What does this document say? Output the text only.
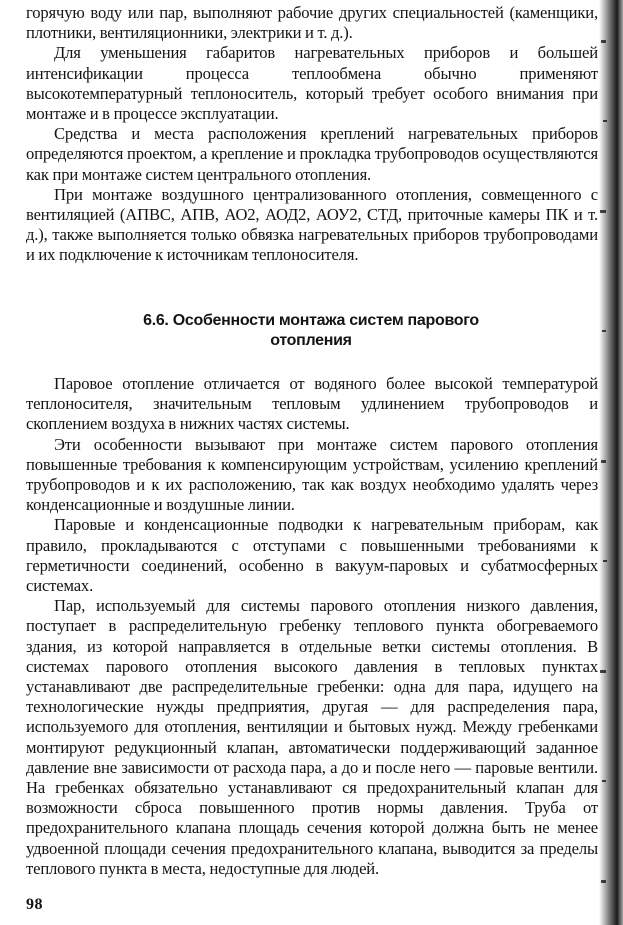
горячую воду или пар, выполняют рабочие других специальностей (каменщики, плотники, вентиляционники, электрики и т. д.).

Для уменьшения габаритов нагревательных приборов и большей интенсификации процесса теплообмена обычно применяют высокотемпературный теплоноситель, который требует особого внимания при монтаже и в процессе эксплуатации.

Средства и места расположения креплений нагревательных приборов определяются проектом, а крепление и прокладка трубопроводов осуществляются как при монтаже систем центрального отопления.

При монтаже воздушного централизованного отопления, совмещенного с вентиляцией (АПВС, АПВ, АО2, АОД2, АОУ2, СТД, приточные камеры ПК и т. д.), также выполняется только обвязка нагревательных приборов трубопроводами и их подключение к источникам теплоносителя.

6.6. Особенности монтажа систем парового
отопления

Паровое отопление отличается от водяного более высокой температурой теплоносителя, значительным тепловым удлинением трубопроводов и скоплением воздуха в нижних частях системы.

Эти особенности вызывают при монтаже систем парового отопления повышенные требования к компенсирующим устройствам, усилению креплений трубопроводов и к их расположению, так как воздух необходимо удалять через конденсационные и воздушные линии.

Паровые и конденсационные подводки к нагревательным приборам, как правило, прокладываются с отступами с повышенными требованиями к герметичности соединений, особенно в вакуум-паровых и субатмосферных системах.

Пар, используемый для системы парового отопления низкого давления, поступает в распределительную гребенку теплового пункта обогреваемого здания, из которой направляется в отдельные ветки системы отопления. В системах парового отопления высокого давления в тепловых пунктах устанавливают две распределительные гребенки: одна для пара, идущего на технологические нужды предприятия, другая — для распределения пара, используемого для отопления, вентиляции и бытовых нужд. Между гребенками монтируют редукционный клапан, автоматически поддерживающий заданное давление вне зависимости от расхода пара, а до и после него — паровые вентили. На гребенках обязательно устанавливают ся предохранительный клапан для возможности сброса повышенного против нормы давления. Труба от предохранительного клапана площадь сечения которой должна быть не менее удвоенной площади сечения предохранительного клапана, выводится за пределы теплового пункта в места, недоступные для людей.

98
